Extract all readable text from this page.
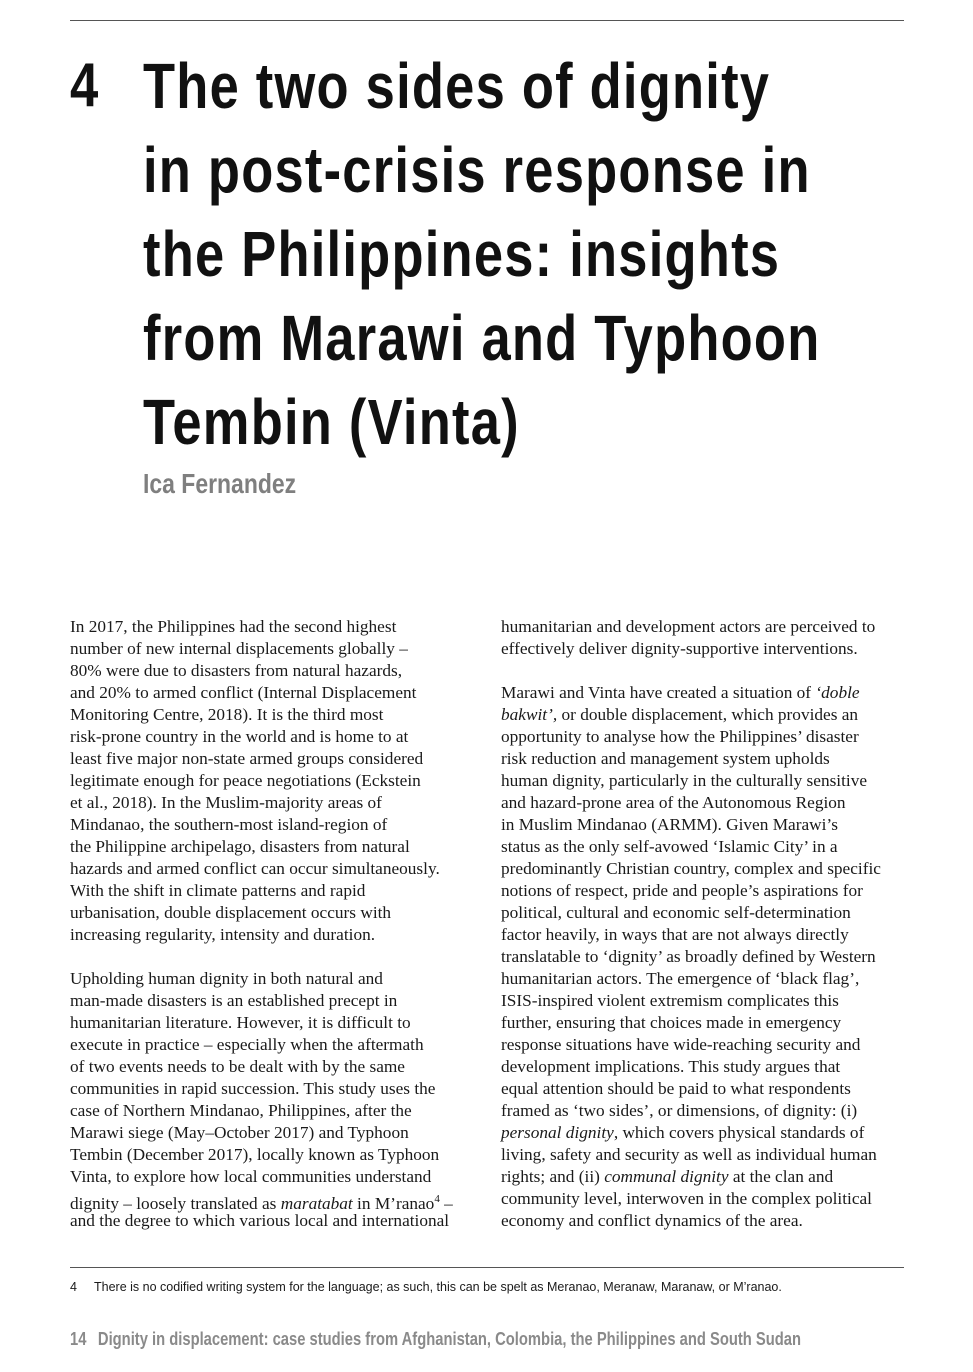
4 The two sides of dignity
in post-crisis response in
the Philippines: insights
from Marawi and Typhoon
Tembin (Vinta)
Ica Fernandez
In 2017, the Philippines had the second highest
number of new internal displacements globally –
80% were due to disasters from natural hazards,
and 20% to armed conflict (Internal Displacement
Monitoring Centre, 2018). It is the third most
risk-prone country in the world and is home to at
least five major non-state armed groups considered
legitimate enough for peace negotiations (Eckstein
et al., 2018). In the Muslim-majority areas of
Mindanao, the southern-most island-region of
the Philippine archipelago, disasters from natural
hazards and armed conflict can occur simultaneously.
With the shift in climate patterns and rapid
urbanisation, double displacement occurs with
increasing regularity, intensity and duration.
Upholding human dignity in both natural and
man-made disasters is an established precept in
humanitarian literature. However, it is difficult to
execute in practice – especially when the aftermath
of two events needs to be dealt with by the same
communities in rapid succession. This study uses the
case of Northern Mindanao, Philippines, after the
Marawi siege (May–October 2017) and Typhoon
Tembin (December 2017), locally known as Typhoon
Vinta, to explore how local communities understand
dignity – loosely translated as maratabat in M’ranao$^4$ –
and the degree to which various local and international
humanitarian and development actors are perceived to
effectively deliver dignity-supportive interventions.
Marawi and Vinta have created a situation of ‘doble
bakwit’, or double displacement, which provides an
opportunity to analyse how the Philippines’ disaster
risk reduction and management system upholds
human dignity, particularly in the culturally sensitive
and hazard-prone area of the Autonomous Region
in Muslim Mindanao (ARMM). Given Marawi’s
status as the only self-avowed ‘Islamic City’ in a
predominantly Christian country, complex and specific
notions of respect, pride and people’s aspirations for
political, cultural and economic self-determination
factor heavily, in ways that are not always directly
translatable to ‘dignity’ as broadly defined by Western
humanitarian actors. The emergence of ‘black flag’,
ISIS-inspired violent extremism complicates this
further, ensuring that choices made in emergency
response situations have wide-reaching security and
development implications. This study argues that
equal attention should be paid to what respondents
framed as ‘two sides’, or dimensions, of dignity: (i)
personal dignity, which covers physical standards of
living, safety and security as well as individual human
rights; and (ii) communal dignity at the clan and
community level, interwoven in the complex political
economy and conflict dynamics of the area.
4 There is no codified writing system for the language; as such, this can be spelt as Meranao, Meranaw, Maranaw, or M’ranao.
14 Dignity in displacement: case studies from Afghanistan, Colombia, the Philippines and South Sudan
